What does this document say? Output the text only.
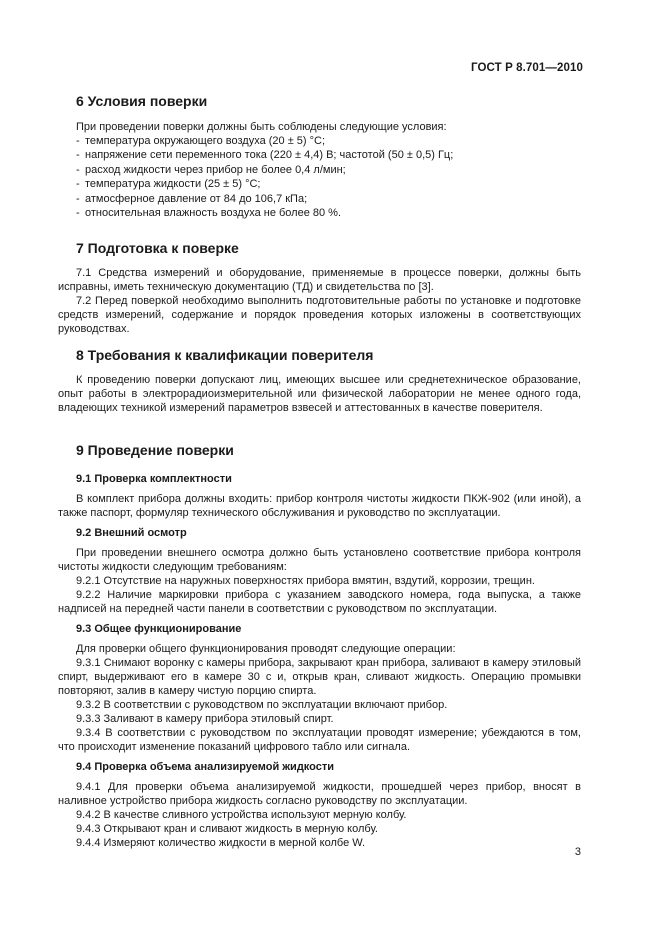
ГОСТ Р 8.701—2010
6 Условия поверки

При проведении поверки должны быть соблюдены следующие условия:

- температура окружающего воздуха (20 ± 5) °С;
- напряжение сети переменного тока (220 ± 4,4) В; частотой (50 ± 0,5) Гц;
- расход жидкости через прибор не более 0,4 л/мин;
- температура жидкости (25 ± 5) °С;
- атмосферное давление от 84 до 106,7 кПа;
- относительная влажность воздуха не более 80 %.
7 Подготовка к поверке

7.1 Средства измерений и оборудование, применяемые в процессе поверки, должны быть исправны, иметь техническую документацию (ТД) и свидетельства по [3].

7.2 Перед поверкой необходимо выполнить подготовительные работы по установке и подготовке средств измерений, содержание и порядок проведения которых изложены в соответствующих руководствах.

8 Требования к квалификации поверителя

К проведению поверки допускают лиц, имеющих высшее или среднетехническое образование, опыт работы в электрорадиоизмерительной или физической лаборатории не менее одного года, владеющих техникой измерений параметров взвесей и аттестованных в качестве поверителя.

9 Проведение поверки
9.1 Проверка комплектности

В комплект прибора должны входить: прибор контроля чистоты жидкости ПКЖ-902 (или иной), а также паспорт, формуляр технического обслуживания и руководство по эксплуатации.

9.2 Внешний осмотр

При проведении внешнего осмотра должно быть установлено соответствие прибора контроля чистоты жидкости следующим требованиям:

9.2.1 Отсутствие на наружных поверхностях прибора вмятин, вздутий, коррозии, трещин.

9.2.2 Наличие маркировки прибора с указанием заводского номера, года выпуска, а также надписей на передней части панели в соответствии с руководством по эксплуатации.

9.3 Общее функционирование

Для проверки общего функционирования проводят следующие операции:

9.3.1 Снимают воронку с камеры прибора, закрывают кран прибора, заливают в камеру этиловый спирт, выдерживают его в камере 30 с и, открыв кран, сливают жидкость. Операцию промывки повторяют, залив в камеру чистую порцию спирта.

9.3.2 В соответствии с руководством по эксплуатации включают прибор.

9.3.3 Заливают в камеру прибора этиловый спирт.

9.3.4 В соответствии с руководством по эксплуатации проводят измерение; убеждаются в том, что происходит изменение показаний цифрового табло или сигнала.

9.4 Проверка объема анализируемой жидкости

9.4.1 Для проверки объема анализируемой жидкости, прошедшей через прибор, вносят в наливное устройство прибора жидкость согласно руководству по эксплуатации.

9.4.2 В качестве сливного устройства используют мерную колбу.

9.4.3 Открывают кран и сливают жидкость в мерную колбу.

9.4.4 Измеряют количество жидкости в мерной колбе W.

3
